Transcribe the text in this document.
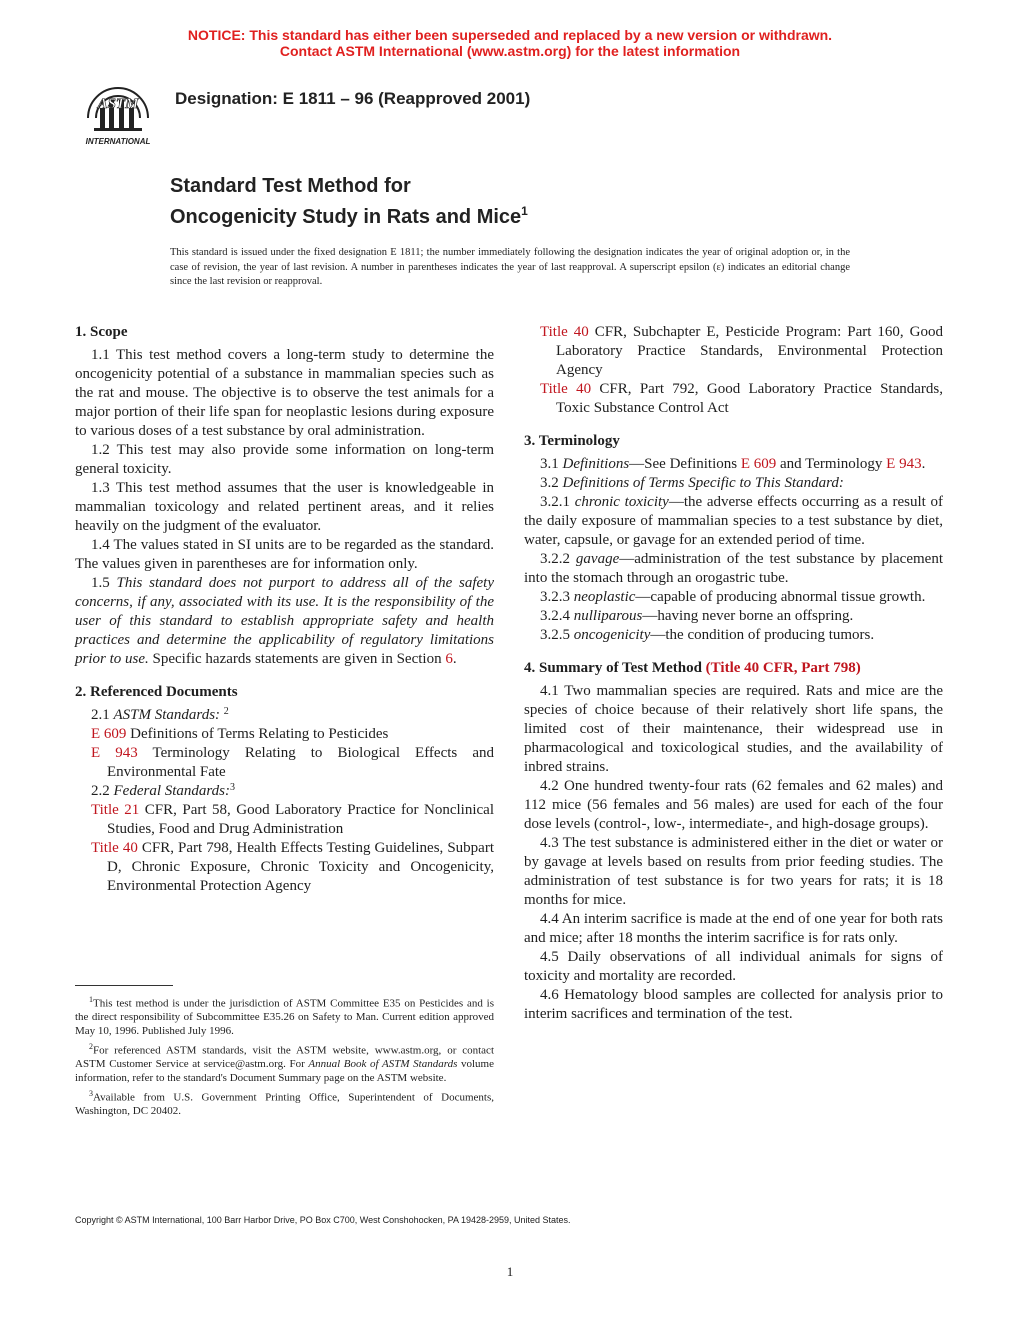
NOTICE: This standard has either been superseded and replaced by a new version or withdrawn.
Contact ASTM International (www.astm.org) for the latest information
ASTM
INTERNATIONAL
Designation: E 1811 – 96 (Reapproved 2001)
Standard Test Method for
Oncogenicity Study in Rats and Mice$^1$
This standard is issued under the fixed designation E 1811; the number immediately following the designation indicates the year of original adoption or, in the case of revision, the year of last revision. A number in parentheses indicates the year of last reapproval. A superscript epsilon (ε) indicates an editorial change since the last revision or reapproval.
1. Scope

1.1 This test method covers a long-term study to determine the oncogenicity potential of a substance in mammalian species such as the rat and mouse. The objective is to observe the test animals for a major portion of their life span for neoplastic lesions during exposure to various doses of a test substance by oral administration.

1.2 This test may also provide some information on long-term general toxicity.

1.3 This test method assumes that the user is knowledgeable in mammalian toxicology and related pertinent areas, and it relies heavily on the judgment of the evaluator.

1.4 The values stated in SI units are to be regarded as the standard. The values given in parentheses are for information only.

1.5 This standard does not purport to address all of the safety concerns, if any, associated with its use. It is the responsibility of the user of this standard to establish appropriate safety and health practices and determine the applicability of regulatory limitations prior to use. Specific hazards statements are given in Section 6.

2. Referenced Documents

2.1 ASTM Standards: $^2$

E 609 Definitions of Terms Relating to Pesticides

E 943 Terminology Relating to Biological Effects and Environmental Fate

2.2 Federal Standards:$^3$

Title 21 CFR, Part 58, Good Laboratory Practice for Nonclinical Studies, Food and Drug Administration

Title 40 CFR, Part 798, Health Effects Testing Guidelines, Subpart D, Chronic Exposure, Chronic Toxicity and Oncogenicity, Environmental Protection Agency

$^1$This test method is under the jurisdiction of ASTM Committee E35 on Pesticides and is the direct responsibility of Subcommittee E35.26 on Safety to Man. Current edition approved May 10, 1996. Published July 1996.

$^2$For referenced ASTM standards, visit the ASTM website, www.astm.org, or contact ASTM Customer Service at service@astm.org. For Annual Book of ASTM Standards volume information, refer to the standard's Document Summary page on the ASTM website.

$^3$Available from U.S. Government Printing Office, Superintendent of Documents, Washington, DC 20402.

Title 40 CFR, Subchapter E, Pesticide Program: Part 160, Good Laboratory Practice Standards, Environmental Protection Agency

Title 40 CFR, Part 792, Good Laboratory Practice Standards, Toxic Substance Control Act

3. Terminology

3.1 Definitions—See Definitions E 609 and Terminology E 943.

3.2 Definitions of Terms Specific to This Standard:

3.2.1 chronic toxicity—the adverse effects occurring as a result of the daily exposure of mammalian species to a test substance by diet, water, capsule, or gavage for an extended period of time.

3.2.2 gavage—administration of the test substance by placement into the stomach through an orogastric tube.

3.2.3 neoplastic—capable of producing abnormal tissue growth.

3.2.4 nulliparous—having never borne an offspring.

3.2.5 oncogenicity—the condition of producing tumors.

4. Summary of Test Method (Title 40 CFR, Part 798)

4.1 Two mammalian species are required. Rats and mice are the species of choice because of their relatively short life spans, the limited cost of their maintenance, their widespread use in pharmacological and toxicological studies, and the availability of inbred strains.

4.2 One hundred twenty-four rats (62 females and 62 males) and 112 mice (56 females and 56 males) are used for each of the four dose levels (control-, low-, intermediate-, and high-dosage groups).

4.3 The test substance is administered either in the diet or water or by gavage at levels based on results from prior feeding studies. The administration of test substance is for two years for rats; it is 18 months for mice.

4.4 An interim sacrifice is made at the end of one year for both rats and mice; after 18 months the interim sacrifice is for rats only.

4.5 Daily observations of all individual animals for signs of toxicity and mortality are recorded.

4.6 Hematology blood samples are collected for analysis prior to interim sacrifices and termination of the test.

Copyright © ASTM International, 100 Barr Harbor Drive, PO Box C700, West Conshohocken, PA 19428-2959, United States.
1
